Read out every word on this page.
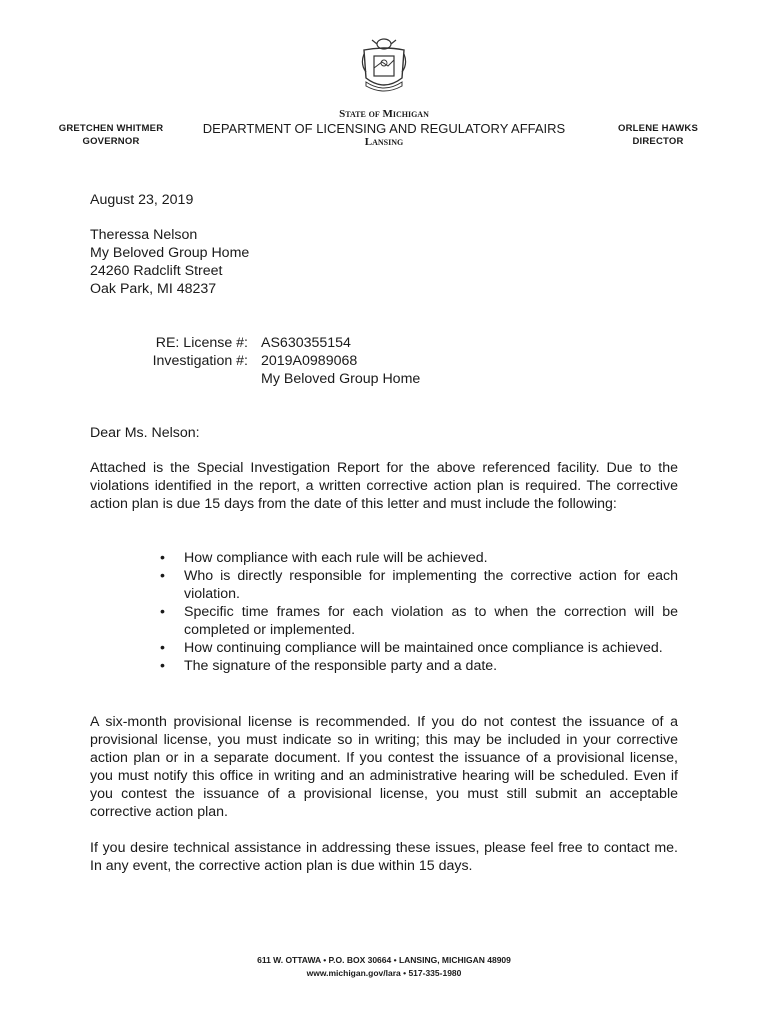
GRETCHEN WHITMER
GOVERNOR
State of Michigan
DEPARTMENT OF LICENSING AND REGULATORY AFFAIRS
Lansing
ORLENE HAWKS
DIRECTOR
August 23, 2019
Theressa Nelson
My Beloved Group Home
24260 Radclift Street
Oak Park, MI 48237
RE: License #: AS630355154
Investigation #: 2019A0989068
My Beloved Group Home
Dear Ms. Nelson:
Attached is the Special Investigation Report for the above referenced facility. Due to the violations identified in the report, a written corrective action plan is required. The corrective action plan is due 15 days from the date of this letter and must include the following:
• How compliance with each rule will be achieved.
• Who is directly responsible for implementing the corrective action for each violation.
• Specific time frames for each violation as to when the correction will be completed or implemented.
• How continuing compliance will be maintained once compliance is achieved.
• The signature of the responsible party and a date.
A six-month provisional license is recommended. If you do not contest the issuance of a provisional license, you must indicate so in writing; this may be included in your corrective action plan or in a separate document. If you contest the issuance of a provisional license, you must notify this office in writing and an administrative hearing will be scheduled. Even if you contest the issuance of a provisional license, you must still submit an acceptable corrective action plan.
If you desire technical assistance in addressing these issues, please feel free to contact me. In any event, the corrective action plan is due within 15 days.
611 W. OTTAWA • P.O. BOX 30664 • LANSING, MICHIGAN 48909
www.michigan.gov/lara • 517-335-1980
